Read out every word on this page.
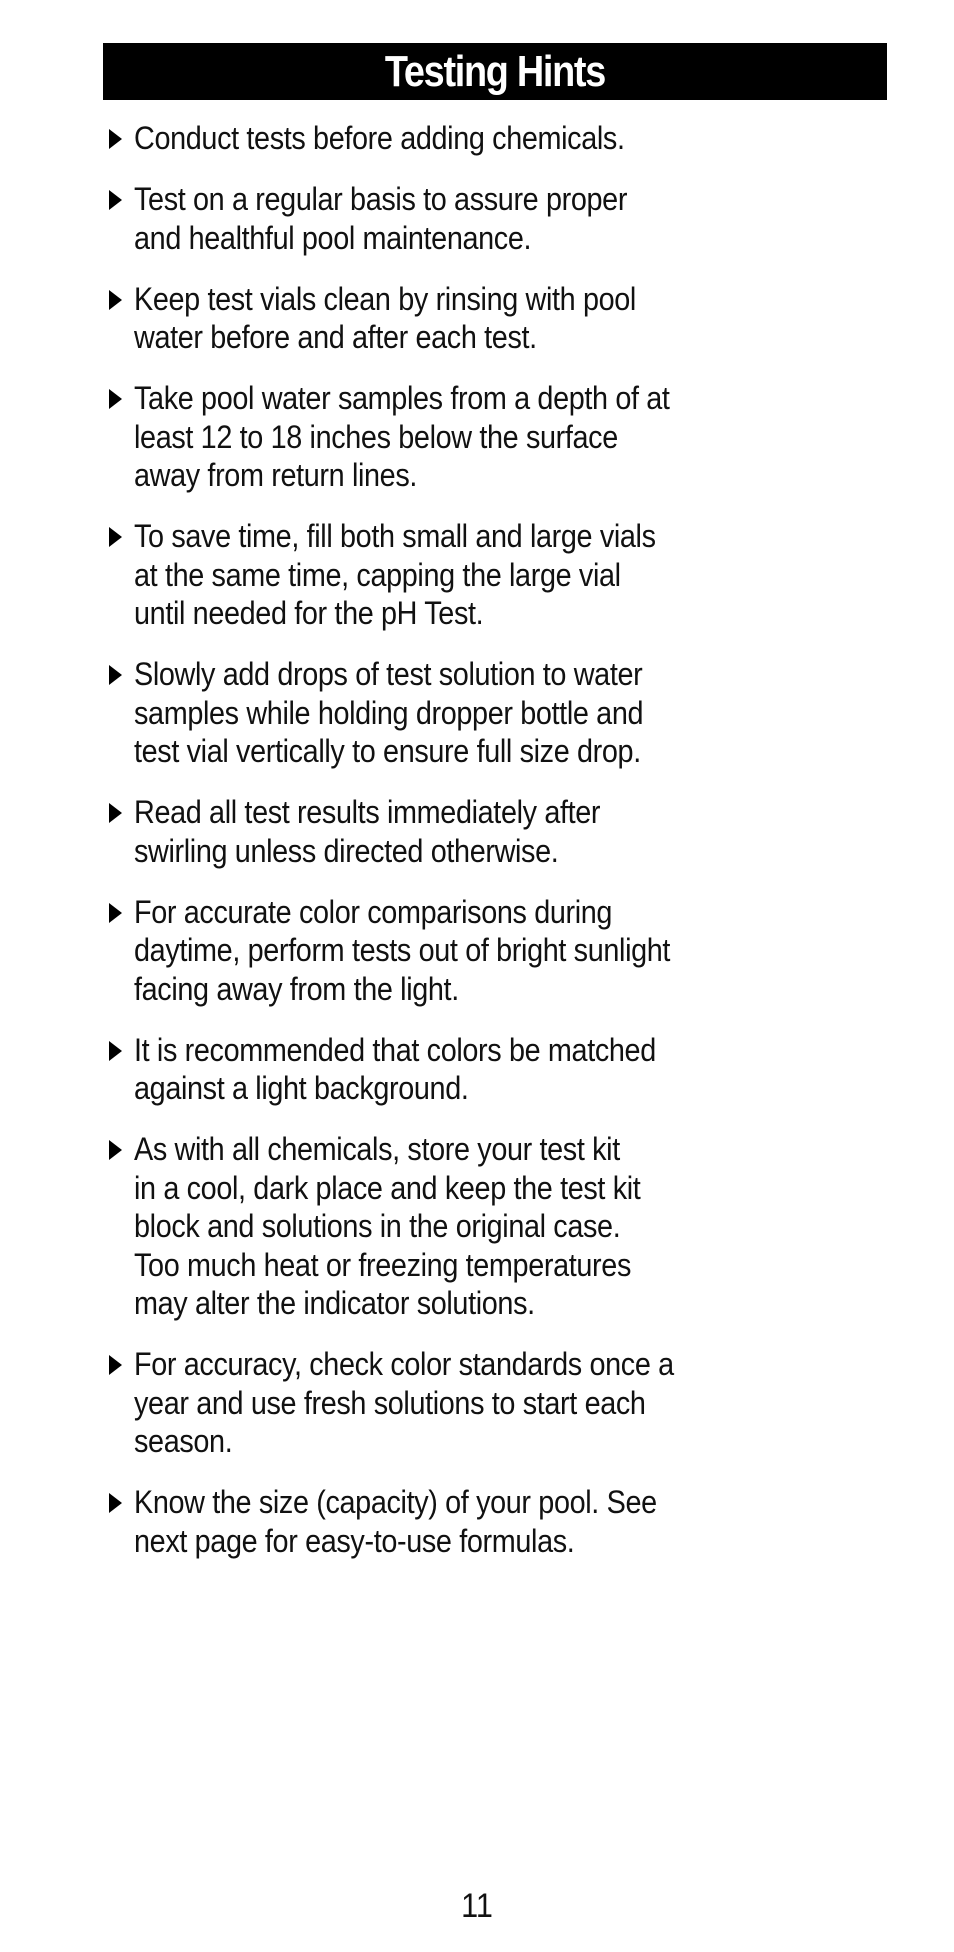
Testing Hints
Conduct tests before adding chemicals.
Test on a regular basis to assure proper
and healthful pool maintenance.
Keep test vials clean by rinsing with pool
water before and after each test.
Take pool water samples from a depth of at
least 12 to 18 inches below the surface
away from return lines.
To save time, fill both small and large vials
at the same time, capping the large vial
until needed for the pH Test.
Slowly add drops of test solution to water
samples while holding dropper bottle and
test vial vertically to ensure full size drop.
Read all test results immediately after
swirling unless directed otherwise.
For accurate color comparisons during
daytime, perform tests out of bright sunlight
facing away from the light.
It is recommended that colors be matched
against a light background.
As with all chemicals, store your test kit
in a cool, dark place and keep the test kit
block and solutions in the original case.
Too much heat or freezing temperatures
may alter the indicator solutions.
For accuracy, check color standards once a
year and use fresh solutions to start each
season.
Know the size (capacity) of your pool. See
next page for easy-to-use formulas.
11
